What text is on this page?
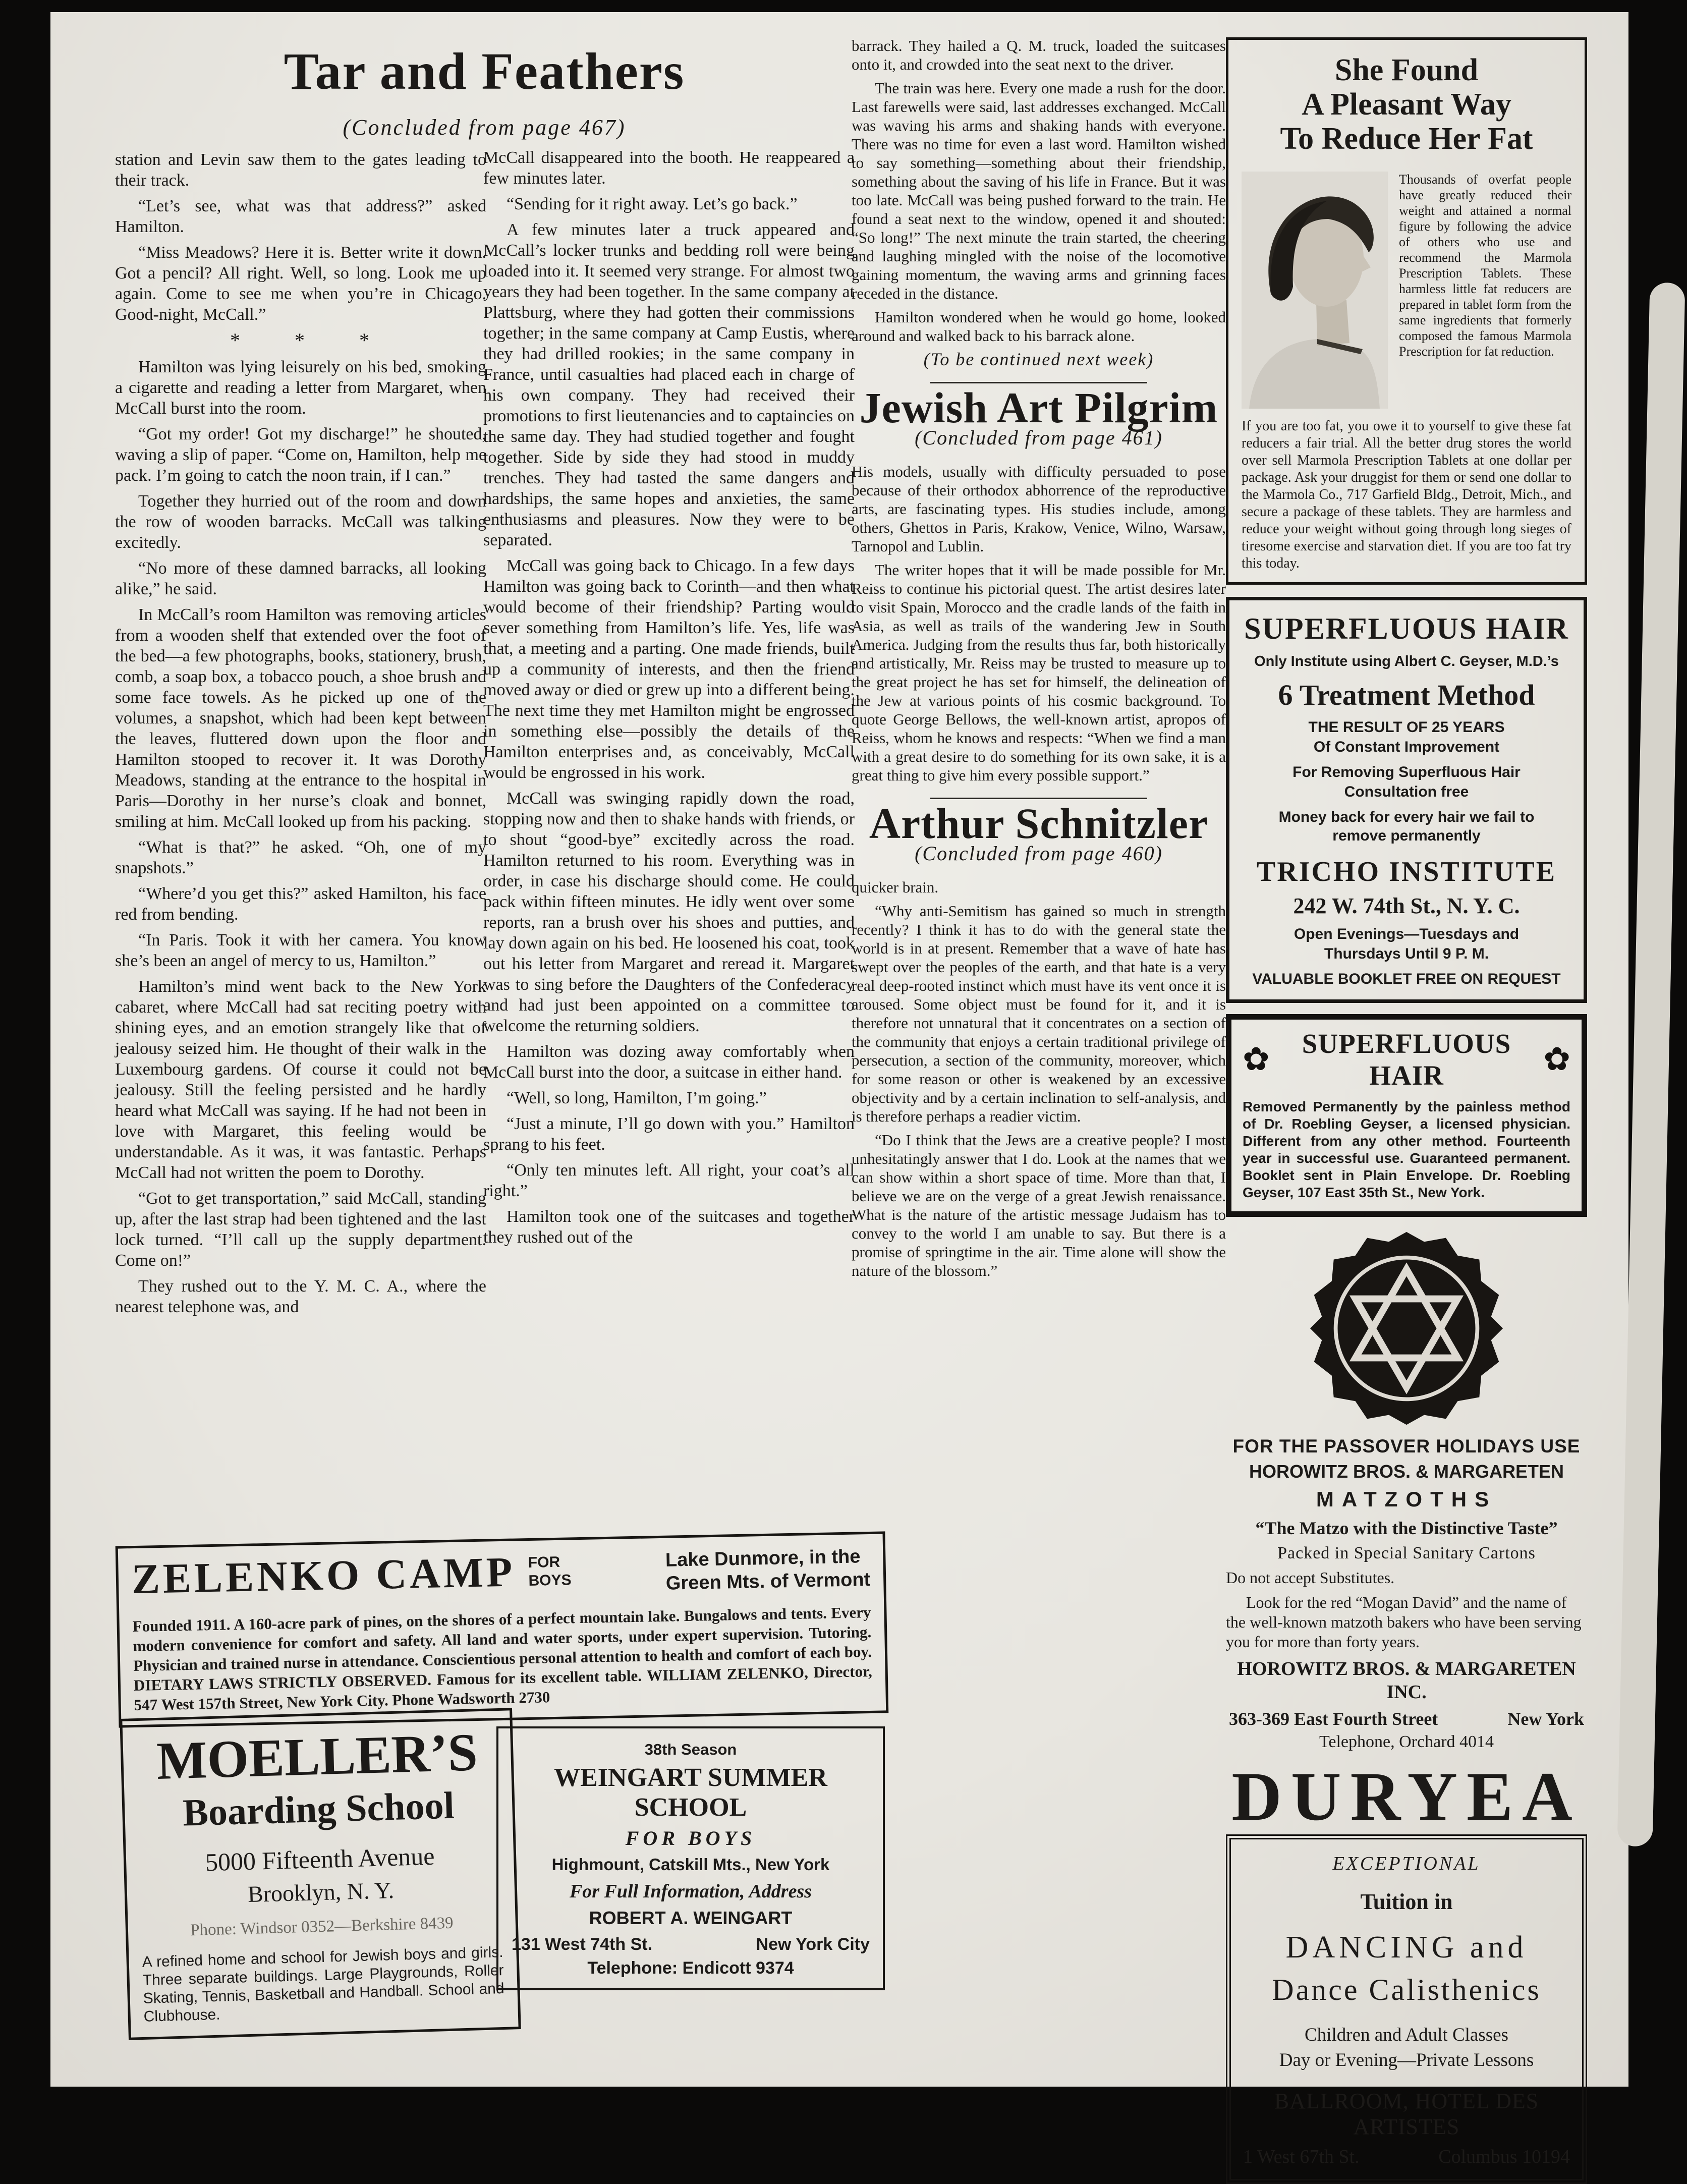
Tar and Feathers
(Concluded from page 467)

station and Levin saw them to the gates leading to their track.

“Let’s see, what was that address?” asked Hamilton.

“Miss Meadows? Here it is. Better write it down. Got a pencil? All right. Well, so long. Look me up again. Come to see me when you’re in Chicago. Good-night, McCall.”

* * *

Hamilton was lying leisurely on his bed, smoking a cigarette and reading a letter from Margaret, when McCall burst into the room.

“Got my order! Got my discharge!” he shouted, waving a slip of paper. “Come on, Hamilton, help me pack. I’m going to catch the noon train, if I can.”

Together they hurried out of the room and down the row of wooden barracks. McCall was talking excitedly.

“No more of these damned barracks, all looking alike,” he said.

In McCall’s room Hamilton was removing articles from a wooden shelf that extended over the foot of the bed—a few photographs, books, stationery, brush, comb, a soap box, a tobacco pouch, a shoe brush and some face towels. As he picked up one of the volumes, a snapshot, which had been kept between the leaves, fluttered down upon the floor and Hamilton stooped to recover it. It was Dorothy Meadows, standing at the entrance to the hospital in Paris—Dorothy in her nurse’s cloak and bonnet, smiling at him. McCall looked up from his packing.

“What is that?” he asked. “Oh, one of my snapshots.”

“Where’d you get this?” asked Hamilton, his face red from bending.

“In Paris. Took it with her camera. You know she’s been an angel of mercy to us, Hamilton.”

Hamilton’s mind went back to the New York cabaret, where McCall had sat reciting poetry with shining eyes, and an emotion strangely like that of jealousy seized him. He thought of their walk in the Luxembourg gardens. Of course it could not be jealousy. Still the feeling persisted and he hardly heard what McCall was saying. If he had not been in love with Margaret, this feeling would be understandable. As it was, it was fantastic. Perhaps McCall had not written the poem to Dorothy.

“Got to get transportation,” said McCall, standing up, after the last strap had been tightened and the last lock turned. “I’ll call up the supply department. Come on!”

They rushed out to the Y. M. C. A., where the nearest telephone was, and

McCall disappeared into the booth. He reappeared a few minutes later.

“Sending for it right away. Let’s go back.”

A few minutes later a truck appeared and McCall’s locker trunks and bedding roll were being loaded into it. It seemed very strange. For almost two years they had been together. In the same company at Plattsburg, where they had gotten their commissions together; in the same company at Camp Eustis, where they had drilled rookies; in the same company in France, until casualties had placed each in charge of his own company. They had received their promotions to first lieutenancies and to captaincies on the same day. They had studied together and fought together. Side by side they had stood in muddy trenches. They had tasted the same dangers and hardships, the same hopes and anxieties, the same enthusiasms and pleasures. Now they were to be separated.

McCall was going back to Chicago. In a few days Hamilton was going back to Corinth—and then what would become of their friendship? Parting would sever something from Hamilton’s life. Yes, life was that, a meeting and a parting. One made friends, built up a community of interests, and then the friend moved away or died or grew up into a different being. The next time they met Hamilton might be engrossed in something else—possibly the details of the Hamilton enterprises and, as conceivably, McCall would be engrossed in his work.

McCall was swinging rapidly down the road, stopping now and then to shake hands with friends, or to shout “good-bye” excitedly across the road. Hamilton returned to his room. Everything was in order, in case his discharge should come. He could pack within fifteen minutes. He idly went over some reports, ran a brush over his shoes and putties, and lay down again on his bed. He loosened his coat, took out his letter from Margaret and reread it. Margaret was to sing before the Daughters of the Confederacy and had just been appointed on a committee to welcome the returning soldiers.

Hamilton was dozing away comfortably when McCall burst into the door, a suitcase in either hand.

“Well, so long, Hamilton, I’m going.”

“Just a minute, I’ll go down with you.” Hamilton sprang to his feet.

“Only ten minutes left. All right, your coat’s all right.”

Hamilton took one of the suitcases and together they rushed out of the

barrack. They hailed a Q. M. truck, loaded the suitcases onto it, and crowded into the seat next to the driver.

The train was here. Every one made a rush for the door. Last farewells were said, last addresses exchanged. McCall was waving his arms and shaking hands with everyone. There was no time for even a last word. Hamilton wished to say something—something about their friendship, something about the saving of his life in France. But it was too late. McCall was being pushed forward to the train. He found a seat next to the window, opened it and shouted: “So long!” The next minute the train started, the cheering and laughing mingled with the noise of the locomotive gaining momentum, the waving arms and grinning faces receded in the distance.

Hamilton wondered when he would go home, looked around and walked back to his barrack alone.

(To be continued next week)
Jewish Art Pilgrim
(Concluded from page 461)

His models, usually with difficulty persuaded to pose because of their orthodox abhorrence of the reproductive arts, are fascinating types. His studies include, among others, Ghettos in Paris, Krakow, Venice, Wilno, Warsaw, Tarnopol and Lublin.

The writer hopes that it will be made possible for Mr. Reiss to continue his pictorial quest. The artist desires later to visit Spain, Morocco and the cradle lands of the faith in Asia, as well as trails of the wandering Jew in South America. Judging from the results thus far, both historically and artistically, Mr. Reiss may be trusted to measure up to the great project he has set for himself, the delineation of the Jew at various points of his cosmic background. To quote George Bellows, the well-known artist, apropos of Reiss, whom he knows and respects: “When we find a man with a great desire to do something for its own sake, it is a great thing to give him every possible support.”

Arthur Schnitzler
(Concluded from page 460)

quicker brain.

“Why anti-Semitism has gained so much in strength recently? I think it has to do with the general state the world is in at present. Remember that a wave of hate has swept over the peoples of the earth, and that hate is a very real deep-rooted instinct which must have its vent once it is aroused. Some object must be found for it, and it is therefore not unnatural that it concentrates on a section of the community that enjoys a certain traditional privilege of persecution, a section of the community, moreover, which for some reason or other is weakened by an excessive objectivity and by a certain inclination to self-analysis, and is therefore perhaps a readier victim.

“Do I think that the Jews are a creative people? I most unhesitatingly answer that I do. Look at the names that we can show within a short space of time. More than that, I believe we are on the verge of a great Jewish renaissance. What is the nature of the artistic message Judaism has to convey to the world I am unable to say. But there is a promise of springtime in the air. Time alone will show the nature of the blossom.”

She Found
A Pleasant Way
To Reduce Her Fat
Thousands of overfat people have greatly reduced their weight and attained a normal figure by following the advice of others who use and recommend the Marmola Prescription Tablets. These harmless little fat reducers are prepared in tablet form from the same ingredients that formerly composed the famous Marmola Prescription for fat reduction.
If you are too fat, you owe it to yourself to give these fat reducers a fair trial. All the better drug stores the world over sell Marmola Prescription Tablets at one dollar per package. Ask your druggist for them or send one dollar to the Marmola Co., 717 Garfield Bldg., Detroit, Mich., and secure a package of these tablets. They are harmless and reduce your weight without going through long sieges of tiresome exercise and starvation diet. If you are too fat try this today.
SUPERFLUOUS HAIR
Only Institute using Albert C. Geyser, M.D.’s
6 Treatment Method
THE RESULT OF 25 YEARS
Of Constant Improvement
For Removing Superfluous Hair
Consultation free
Money back for every hair we fail to remove permanently
TRICHO INSTITUTE
242 W. 74th St., N. Y. C.
Open Evenings—Tuesdays and
Thursdays Until 9 P. M.
VALUABLE BOOKLET FREE ON REQUEST
✿	SUPERFLUOUS HAIR	✿
Removed Permanently by the painless method of Dr. Roebling Geyser, a licensed physician. Different from any other method. Fourteenth year in successful use. Guaranteed permanent. Booklet sent in Plain Envelope. Dr. Roebling Geyser, 107 East 35th St., New York.
FOR THE PASSOVER HOLIDAYS USE
HOROWITZ BROS. & MARGARETEN
MATZOTHS
“The Matzo with the Distinctive Taste”
Packed in Special Sanitary Cartons
Do not accept Substitutes.
Look for the red “Mogan David” and the name of the well-known matzoth bakers who have been serving you for more than forty years.
HOROWITZ BROS. & MARGARETEN
INC.
363-369 East Fourth Street	New York
Telephone, Orchard 4014
DURYEA
EXCEPTIONAL
Tuition in
DANCING and
Dance Calisthenics
Children and Adult Classes
Day or Evening—Private Lessons
BALLROOM, HOTEL DES ARTISTES
1 West 67th St.	Columbus 10194
ZELENKO CAMP FOR
BOYS
Lake Dunmore, in the
Green Mts. of Vermont
Founded 1911. A 160-acre park of pines, on the shores of a perfect mountain lake. Bungalows and tents. Every modern convenience for comfort and safety. All land and water sports, under expert supervision. Tutoring. Physician and trained nurse in attendance. Conscientious personal attention to health and comfort of each boy. DIETARY LAWS STRICTLY OBSERVED. Famous for its excellent table. WILLIAM ZELENKO, Director, 547 West 157th Street, New York City. Phone Wadsworth 2730
MOELLER’S
Boarding School
5000 Fifteenth Avenue
Brooklyn, N. Y.
Phone: Windsor 0352—Berkshire 8439
A refined home and school for Jewish boys and girls. Three separate buildings. Large Playgrounds, Roller Skating, Tennis, Basketball and Handball. School and Clubhouse.
38th Season
WEINGART SUMMER SCHOOL
FOR BOYS
Highmount, Catskill Mts., New York
For Full Information, Address
ROBERT A. WEINGART
131 West 74th St.	New York City
Telephone: Endicott 9374
